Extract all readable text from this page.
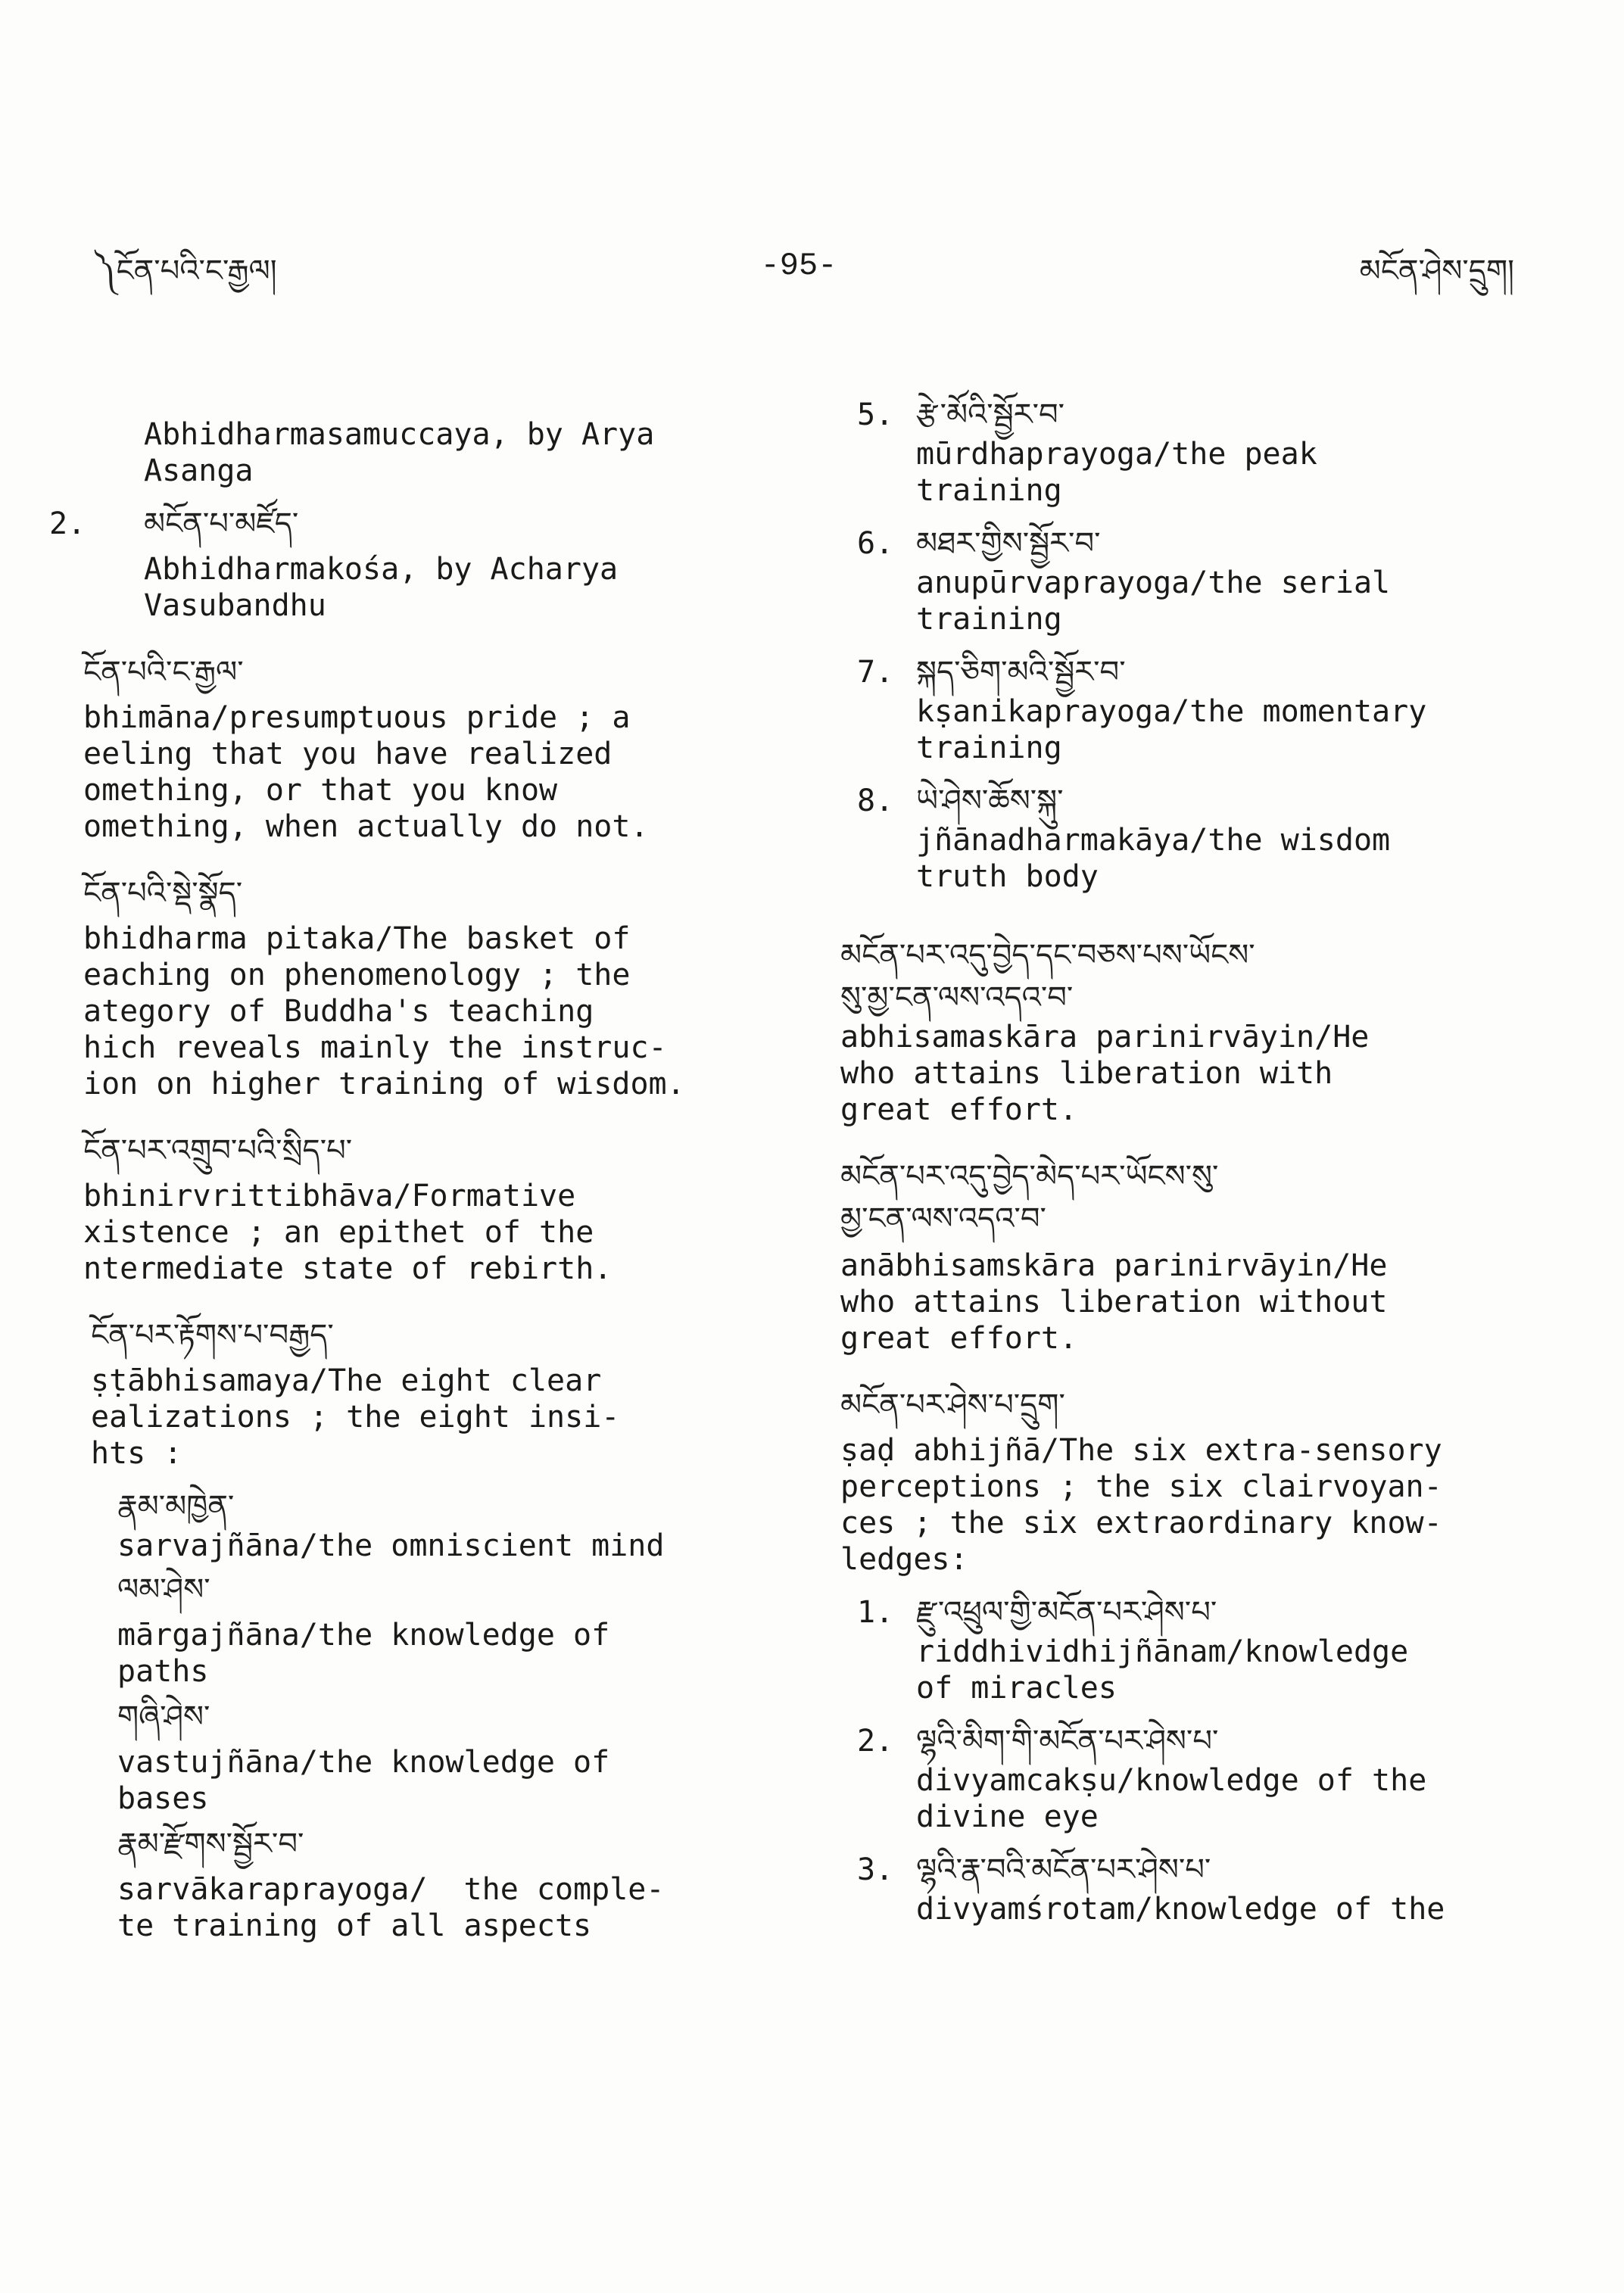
༽ངོན་པའི་ང་རྒྱལ།	-95-	མངོན་ཤེས་དྲུག།

Abhidharmasamuccaya, by Arya
Asanga

2. མངོན་པ་མཛོད་

Abhidharmakośa, by Acharya
Vasubandhu

ངོན་པའི་ང་རྒྱལ་

bhimāna/presumptuous pride ; a
eeling that you have realized
omething, or that you know
omething, when actually do not.

ངོན་པའི་སྡེ་སྣོད་

bhidharma pitaka/The basket of
eaching on phenomenology ; the
ategory of Buddha's teaching
hich reveals mainly the instruc-
ion on higher training of wisdom.

ངོན་པར་འགྲུབ་པའི་སྲིད་པ་

bhinirvrittibhāva/Formative
xistence ; an epithet of the
ntermediate state of rebirth.

ངོན་པར་རྟོགས་པ་བརྒྱད་

ṣṭābhisamaya/The eight clear
ealizations ; the eight insi-
hts :

རྣམ་མཁྱེན་

sarvajñāna/the omniscient mind

ལམ་ཤེས་

mārgajñāna/the knowledge of
paths

གཞི་ཤེས་

vastujñāna/the knowledge of
bases

རྣམ་རྫོགས་སྦྱོར་བ་

sarvākaraprayoga/  the comple-
te training of all aspects

5. རྩེ་མོའི་སྦྱོར་བ་

mūrdhaprayoga/the peak
training

6. མཐར་གྱིས་སྦྱོར་བ་

anupūrvaprayoga/the serial
training

7. སྐད་ཅིག་མའི་སྦྱོར་བ་

kṣanikaprayoga/the momentary
training

8. ཡེ་ཤེས་ཆོས་སྐུ་

jñānadharmakāya/the wisdom
truth body

མངོན་པར་འདུ་བྱེད་དང་བཅས་པས་ཡོངས་
སུ་མྱ་ངན་ལས་འདའ་བ་

abhisamaskāra parinirvāyin/He
who attains liberation with
great effort.

མངོན་པར་འདུ་བྱེད་མེད་པར་ཡོངས་སུ་
མྱ་ངན་ལས་འདའ་བ་

anābhisamskāra parinirvāyin/He
who attains liberation without
great effort.

མངོན་པར་ཤེས་པ་དྲུག་

ṣaḍ abhijñā/The six extra-sensory
perceptions ; the six clairvoyan-
ces ; the six extraordinary know-
ledges:

1. རྫུ་འཕྲུལ་གྱི་མངོན་པར་ཤེས་པ་

riddhividhijñānam/knowledge
of miracles

2. ལྷའི་མིག་གི་མངོན་པར་ཤེས་པ་

divyamcakṣu/knowledge of the
divine eye

3. ལྷའི་རྣ་བའི་མངོན་པར་ཤེས་པ་

divyamśrotam/knowledge of the
